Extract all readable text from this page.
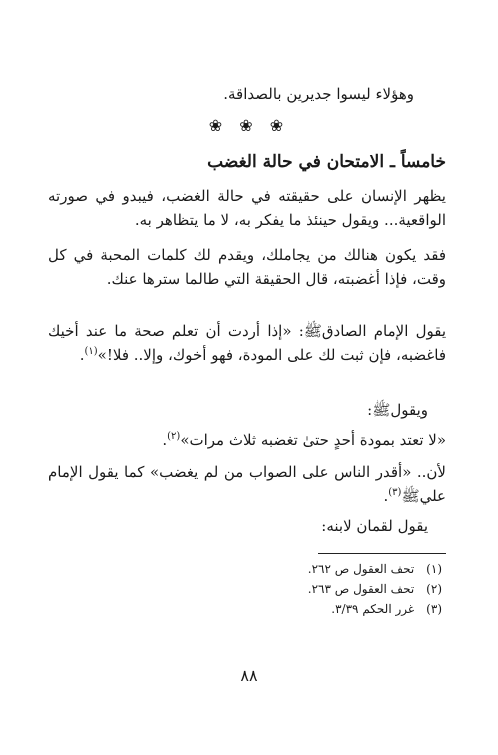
وهؤلاء ليسوا جديرين بالصداقة.
❀ ❀ ❀
خامساً ـ الامتحان في حالة الغضب
يظهر الإنسان على حقيقته في حالة الغضب، فيبدو في صورته الواقعية... ويقول حينئذ ما يفكر به، لا ما يتظاهر به.
فقد يكون هنالك من يجاملك، ويقدم لك كلمات المحبة في كل وقت، فإذا أغضبته، قال الحقيقة التي طالما سترها عنك.
يقول الإمام الصادقﷺ: «إذا أردت أن تعلم صحة ما عند أخيك فاغضبه، فإن ثبت لك على المودة، فهو أخوك، وإلا.. فلا!»$^{(١)}$.
ويقولﷺ:
«لا تعتد بمودة أحدٍ حتىٰ تغضبه ثلاث مرات»$^{(٢)}$.
لأن.. «أقدر الناس على الصواب من لم يغضب» كما يقول الإمام عليﷺ$^{(٣)}$.
يقول لقمان لابنه:
(١) تحف العقول ص ٢٦٢.
(٢) تحف العقول ص ٢٦٣.
(٣) غرر الحكم ٣/٣٩.
٨٨
